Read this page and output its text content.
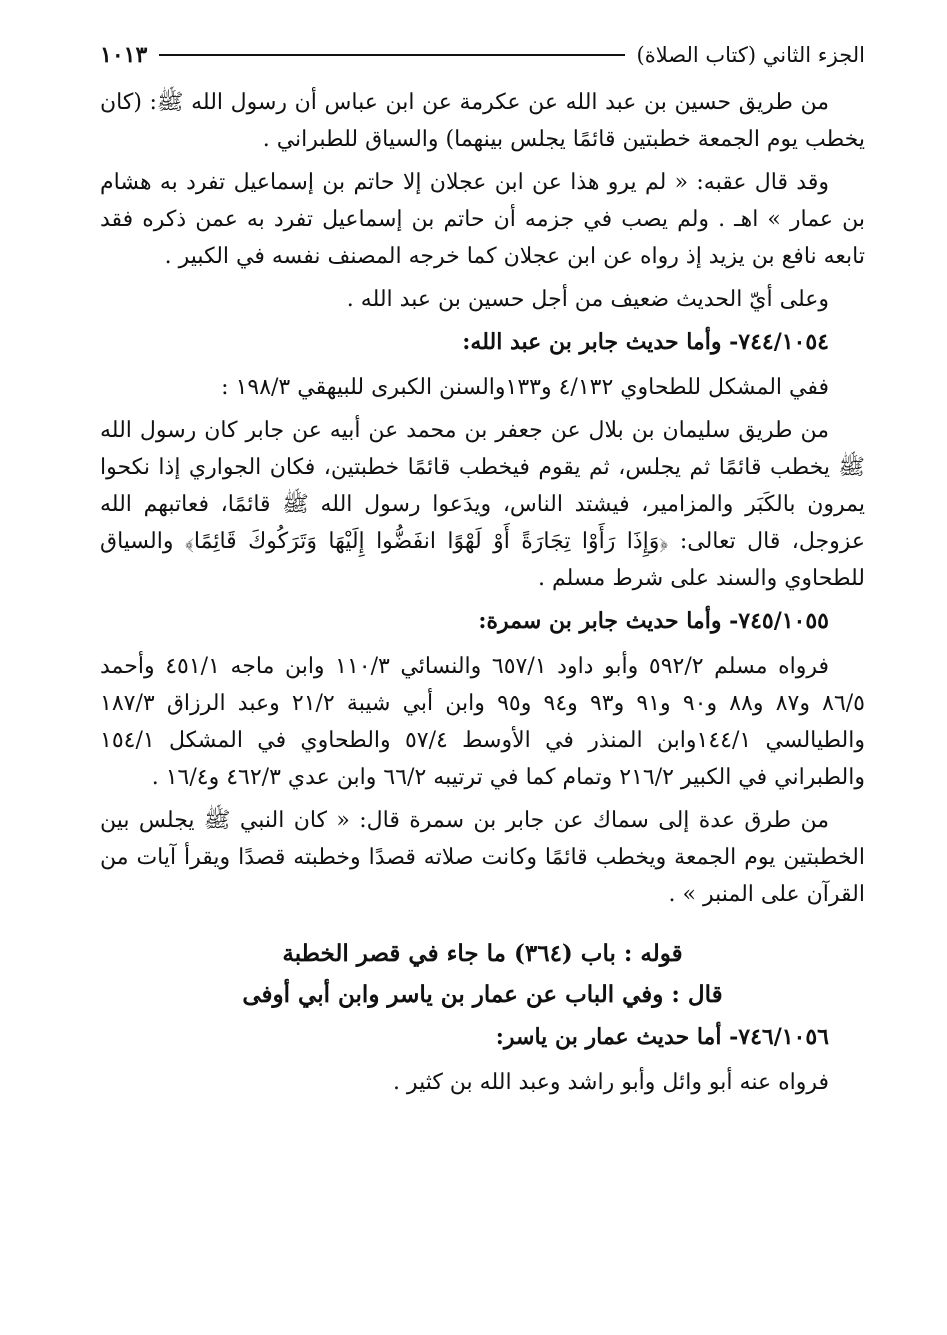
الجزء الثاني (كتاب الصلاة)
١٠١٣

من طريق حسين بن عبد الله عن عكرمة عن ابن عباس أن رسول الله ﷺ: (كان يخطب يوم الجمعة خطبتين قائمًا يجلس بينهما) والسياق للطبراني .

وقد قال عقبه: « لم يرو هذا عن ابن عجلان إلا حاتم بن إسماعيل تفرد به هشام بن عمار » اهـ . ولم يصب في جزمه أن حاتم بن إسماعيل تفرد به عمن ذكره فقد تابعه نافع بن يزيد إذ رواه عن ابن عجلان كما خرجه المصنف نفسه في الكبير .

وعلى أيّ الحديث ضعيف من أجل حسين بن عبد الله .

٧٤٤/١٠٥٤- وأما حديث جابر بن عبد الله:

ففي المشكل للطحاوي ٤/١٣٢ و١٣٣والسنن الكبرى للبيهقي ١٩٨/٣ :

من طريق سليمان بن بلال عن جعفر بن محمد عن أبيه عن جابر كان رسول الله ﷺ يخطب قائمًا ثم يجلس، ثم يقوم فيخطب قائمًا خطبتين، فكان الجواري إذا نكحوا يمرون بالكَبَر والمزامير، فيشتد الناس، ويدَعوا رسول الله ﷺ قائمًا، فعاتبهم الله عزوجل، قال تعالى: ﴿وَإِذَا رَأَوْا تِجَارَةً أَوْ لَهْوًا انفَضُّوا إِلَيْهَا وَتَرَكُوكَ قَائِمًا﴾ والسياق للطحاوي والسند على شرط مسلم .

٧٤٥/١٠٥٥- وأما حديث جابر بن سمرة:

فرواه مسلم ٥٩٢/٢ وأبو داود ٦٥٧/١ والنسائي ١١٠/٣ وابن ماجه ٤٥١/١ وأحمد ٨٦/٥ و٨٧ و٨٨ و٩٠ و٩١ و٩٣ و٩٤ و٩٥ وابن أبي شيبة ٢١/٢ وعبد الرزاق ١٨٧/٣ والطيالسي ١٤٤/١وابن المنذر في الأوسط ٥٧/٤ والطحاوي في المشكل ١٥٤/١ والطبراني في الكبير ٢١٦/٢ وتمام كما في ترتيبه ٦٦/٢ وابن عدي ٤٦٢/٣ و١٦/٤ .

من طرق عدة إلى سماك عن جابر بن سمرة قال: « كان النبي ﷺ يجلس بين الخطبتين يوم الجمعة ويخطب قائمًا وكانت صلاته قصدًا وخطبته قصدًا ويقرأ آيات من القرآن على المنبر » .

قوله : باب (٣٦٤) ما جاء في قصر الخطبة

قال : وفي الباب عن عمار بن ياسر وابن أبي أوفى

٧٤٦/١٠٥٦- أما حديث عمار بن ياسر:

فرواه عنه أبو وائل وأبو راشد وعبد الله بن كثير .
